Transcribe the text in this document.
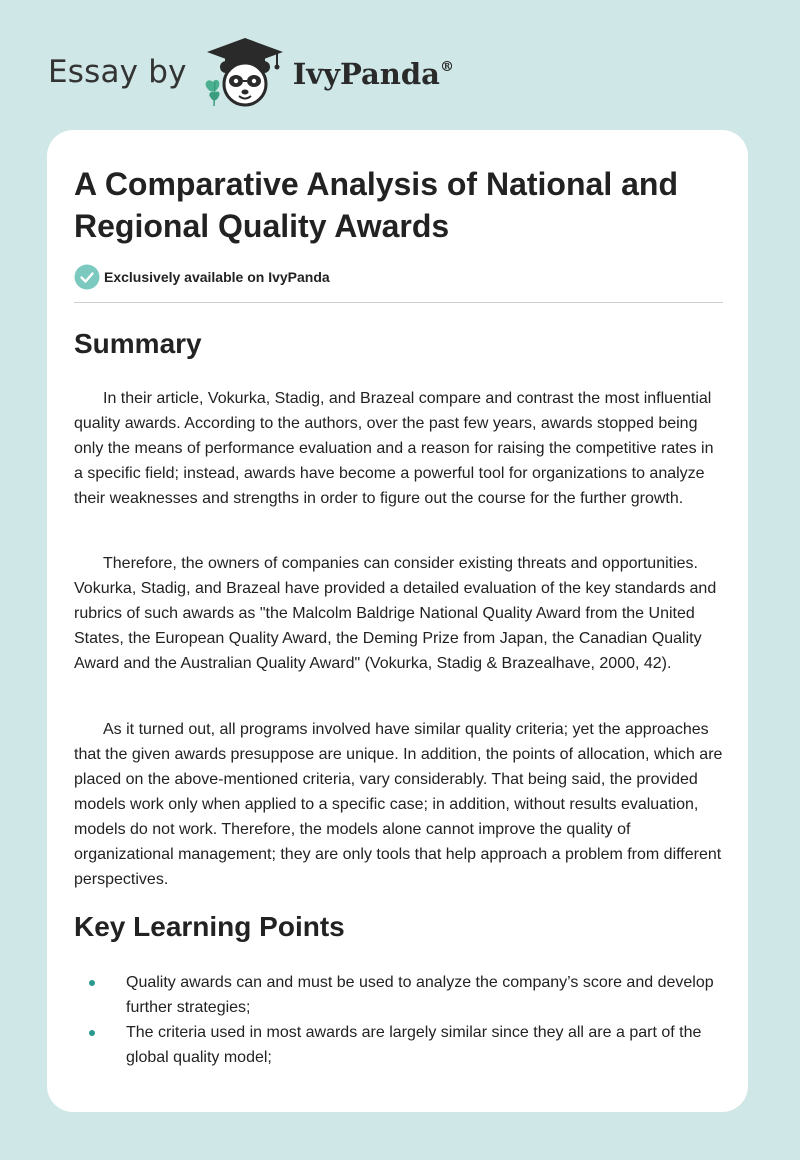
Essay by	IvyPanda®
A Comparative Analysis of National and Regional Quality Awards
Exclusively available on IvyPanda
Summary

In their article, Vokurka, Stadig, and Brazeal compare and contrast the most influential quality awards. According to the authors, over the past few years, awards stopped being only the means of performance evaluation and a reason for raising the competitive rates in a specific field; instead, awards have become a powerful tool for organizations to analyze their weaknesses and strengths in order to figure out the course for the further growth.

Therefore, the owners of companies can consider existing threats and opportunities. Vokurka, Stadig, and Brazeal have provided a detailed evaluation of the key standards and rubrics of such awards as "the Malcolm Baldrige National Quality Award from the United States, the European Quality Award, the Deming Prize from Japan, the Canadian Quality Award and the Australian Quality Award" (Vokurka, Stadig & Brazealhave, 2000, 42).

As it turned out, all programs involved have similar quality criteria; yet the approaches that the given awards presuppose are unique. In addition, the points of allocation, which are placed on the above-mentioned criteria, vary considerably. That being said, the provided models work only when applied to a specific case; in addition, without results evaluation, models do not work. Therefore, the models alone cannot improve the quality of organizational management; they are only tools that help approach a problem from different perspectives.

Key Learning Points
Quality awards can and must be used to analyze the company’s score and develop further strategies;
The criteria used in most awards are largely similar since they all are a part of the global quality model;
